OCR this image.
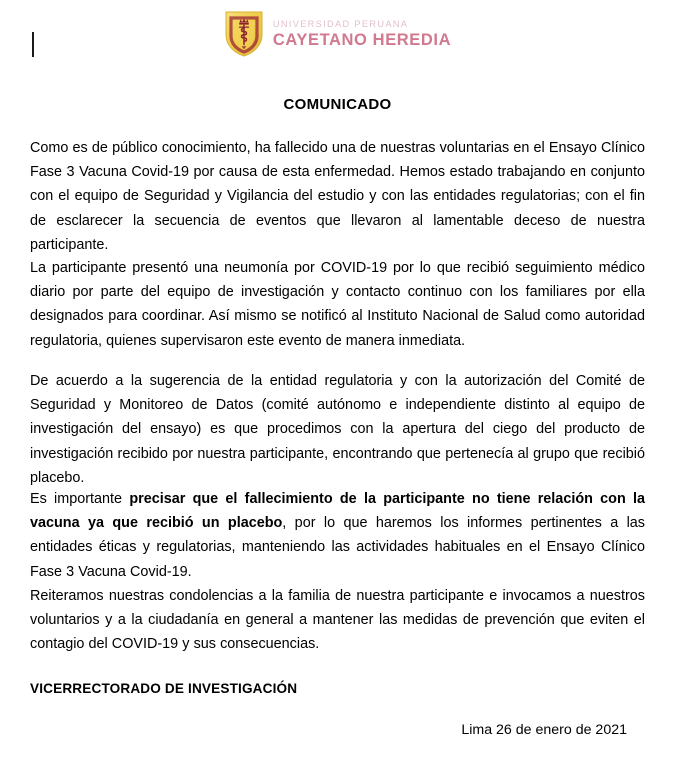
UNIVERSIDAD PERUANA
CAYETANO HEREDIA
COMUNICADO

Como es de público conocimiento, ha fallecido una de nuestras voluntarias en el Ensayo Clínico Fase 3 Vacuna Covid-19 por causa de esta enfermedad. Hemos estado trabajando en conjunto con el equipo de Seguridad y Vigilancia del estudio y con las entidades regulatorias; con el fin de esclarecer la secuencia de eventos que llevaron al lamentable deceso de nuestra participante.

La participante presentó una neumonía por COVID-19 por lo que recibió seguimiento médico diario por parte del equipo de investigación y contacto continuo con los familiares por ella designados para coordinar. Así mismo se notificó al Instituto Nacional de Salud como autoridad regulatoria, quienes supervisaron este evento de manera inmediata.

De acuerdo a la sugerencia de la entidad regulatoria y con la autorización del Comité de Seguridad y Monitoreo de Datos (comité autónomo e independiente distinto al equipo de investigación del ensayo) es que procedimos con la apertura del ciego del producto de investigación recibido por nuestra participante, encontrando que pertenecía al grupo que recibió placebo.

Es importante precisar que el fallecimiento de la participante no tiene relación con la vacuna ya que recibió un placebo, por lo que haremos los informes pertinentes a las entidades éticas y regulatorias, manteniendo las actividades habituales en el Ensayo Clínico Fase 3 Vacuna Covid-19.

Reiteramos nuestras condolencias a la familia de nuestra participante e invocamos a nuestros voluntarios y a la ciudadanía en general a mantener las medidas de prevención que eviten el contagio del COVID-19 y sus consecuencias.

VICERRECTORADO DE INVESTIGACIÓN
Lima 26 de enero de 2021
